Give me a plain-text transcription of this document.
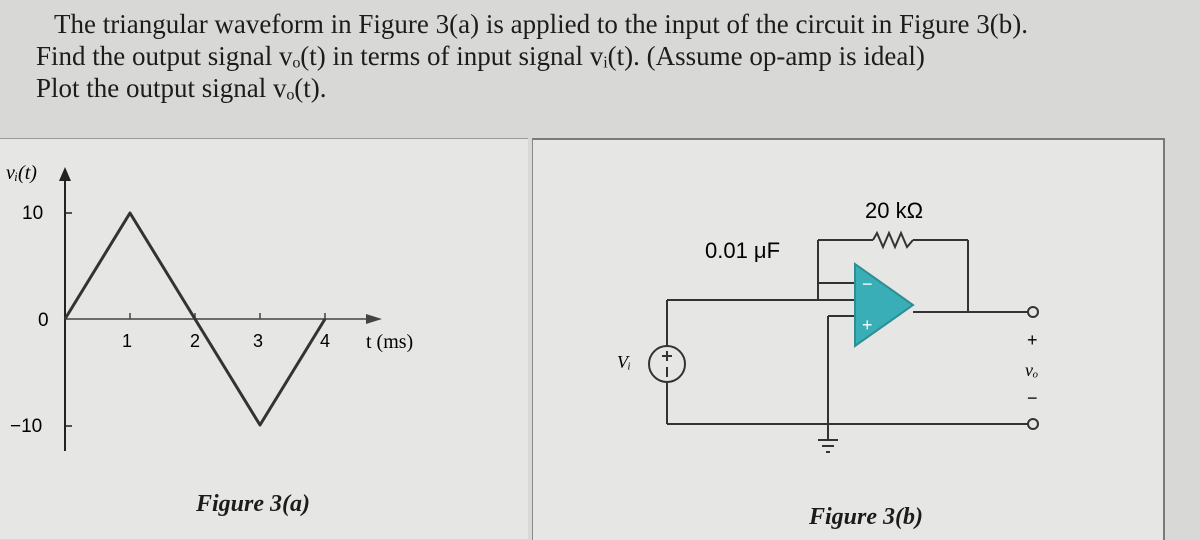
The triangular waveform in Figure 3(a) is applied to the input of the circuit in Figure 3(b).

Find the output signal vₒ(t) in terms of input signal vᵢ(t). (Assume op-amp is ideal)

Plot the output signal vₒ(t).

vᵢ(t)
10
0
−10
1	2	3	4 t (ms)
Figure 3(a)
−
+
0.01 μF
20 kΩ
Vᵢ
+
vₒ
−
Figure 3(b)
